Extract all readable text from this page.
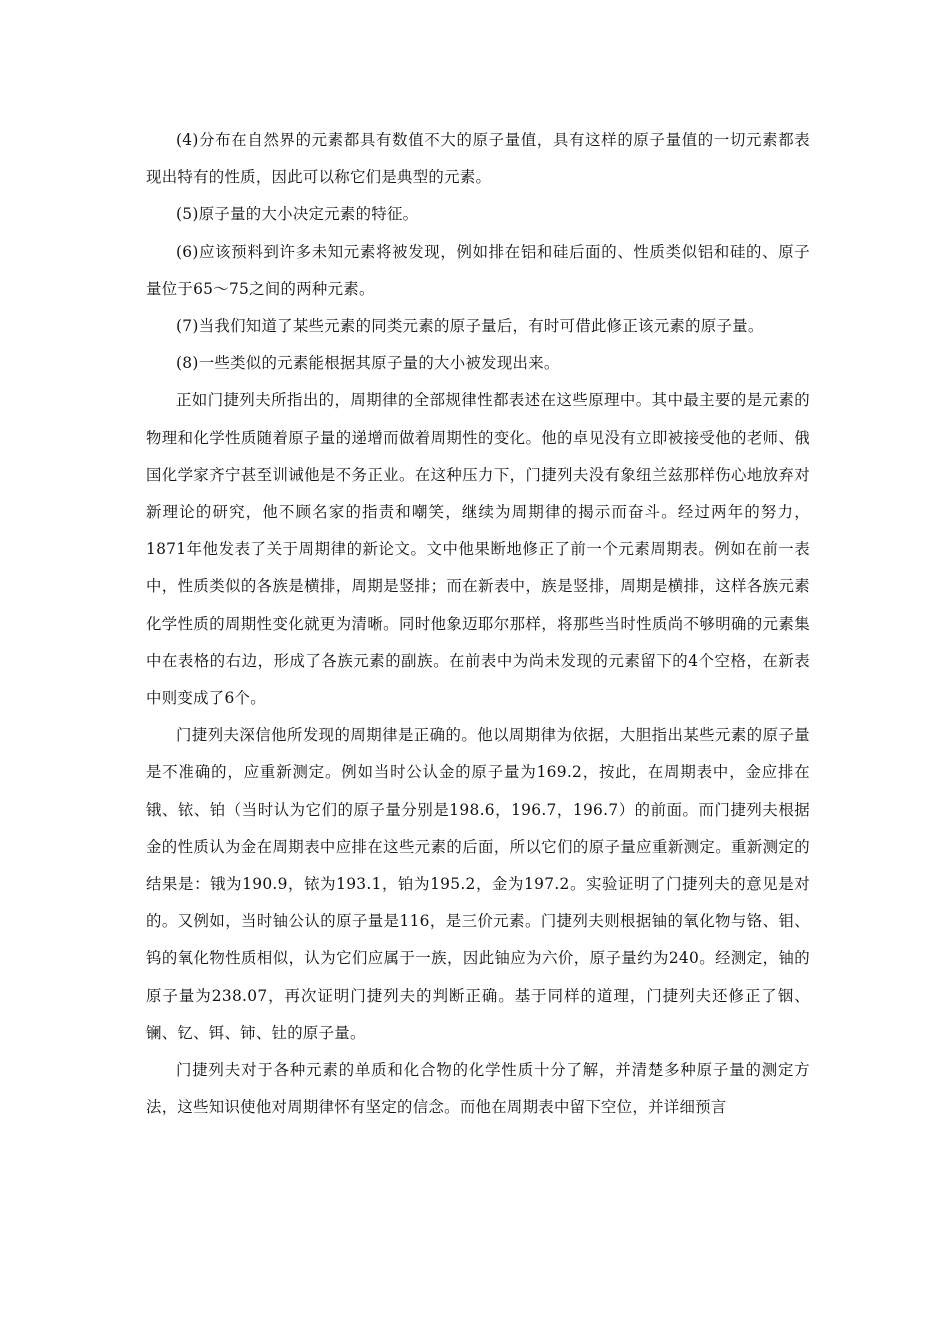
(4)分布在自然界的元素都具有数值不大的原子量值，具有这样的原子量值的一切元素都表现出特有的性质，因此可以称它们是典型的元素。

(5)原子量的大小决定元素的特征。

(6)应该预料到许多未知元素将被发现，例如排在铝和硅后面的、性质类似铝和硅的、原子量位于65～75之间的两种元素。

(7)当我们知道了某些元素的同类元素的原子量后，有时可借此修正该元素的原子量。

(8)一些类似的元素能根据其原子量的大小被发现出来。

正如门捷列夫所指出的，周期律的全部规律性都表述在这些原理中。其中最主要的是元素的物理和化学性质随着原子量的递增而做着周期性的变化。他的卓见没有立即被接受他的老师、俄国化学家齐宁甚至训诫他是不务正业。在这种压力下，门捷列夫没有象纽兰兹那样伤心地放弃对新理论的研究，他不顾名家的指责和嘲笑，继续为周期律的揭示而奋斗。经过两年的努力，1871年他发表了关于周期律的新论文。文中他果断地修正了前一个元素周期表。例如在前一表中，性质类似的各族是横排，周期是竖排；而在新表中，族是竖排，周期是横排，这样各族元素化学性质的周期性变化就更为清晰。同时他象迈耶尔那样，将那些当时性质尚不够明确的元素集中在表格的右边，形成了各族元素的副族。在前表中为尚未发现的元素留下的4个空格，在新表中则变成了6个。

门捷列夫深信他所发现的周期律是正确的。他以周期律为依据，大胆指出某些元素的原子量是不准确的，应重新测定。例如当时公认金的原子量为169.2，按此，在周期表中，金应排在锇、铱、铂（当时认为它们的原子量分别是198.6，196.7，196.7）的前面。而门捷列夫根据金的性质认为金在周期表中应排在这些元素的后面，所以它们的原子量应重新测定。重新测定的结果是：锇为190.9，铱为193.1，铂为195.2，金为197.2。实验证明了门捷列夫的意见是对的。又例如，当时铀公认的原子量是116，是三价元素。门捷列夫则根据铀的氧化物与铬、钼、钨的氧化物性质相似，认为它们应属于一族，因此铀应为六价，原子量约为240。经测定，铀的原子量为238.07，再次证明门捷列夫的判断正确。基于同样的道理，门捷列夫还修正了铟、镧、钇、铒、铈、钍的原子量。

门捷列夫对于各种元素的单质和化合物的化学性质十分了解，并清楚多种原子量的测定方法，这些知识使他对周期律怀有坚定的信念。而他在周期表中留下空位，并详细预言
